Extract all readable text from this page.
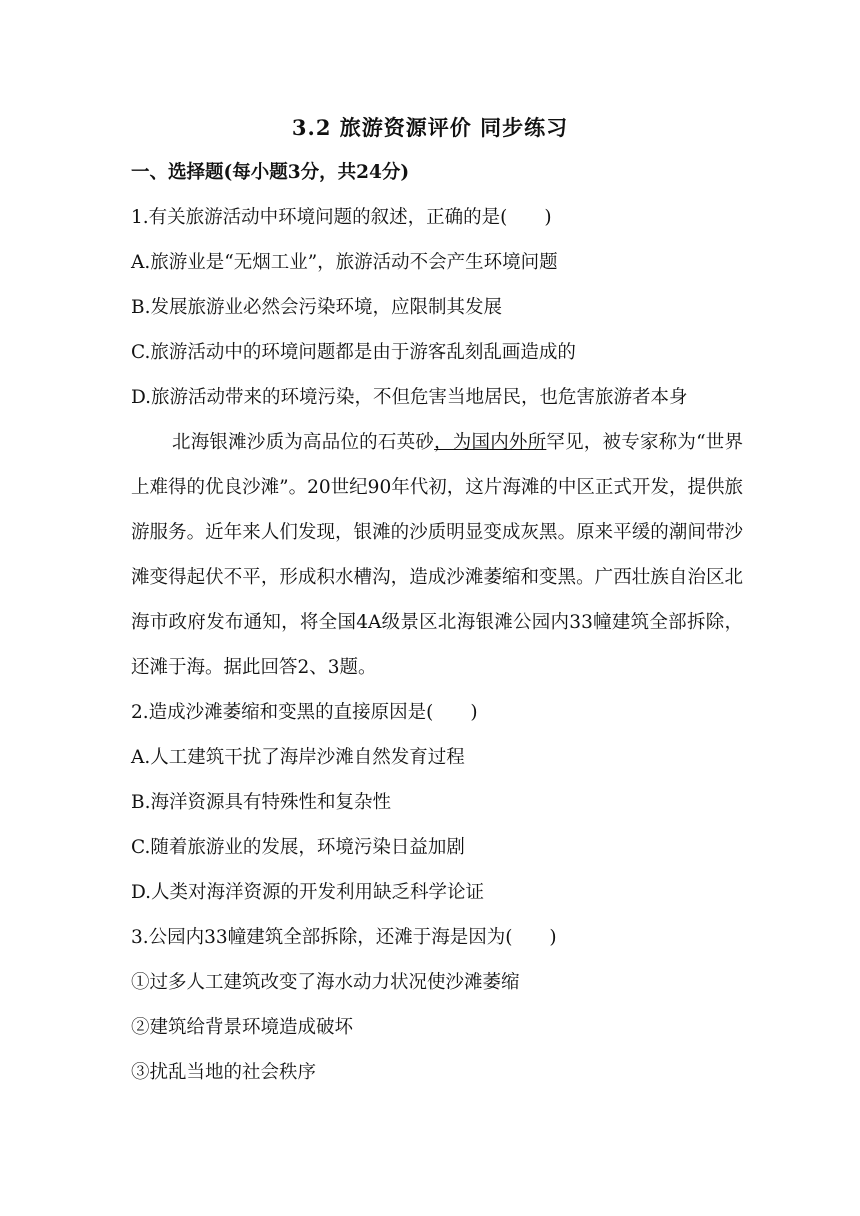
3.2 旅游资源评价 同步练习
一、选择题(每小题3分，共24分)
1.有关旅游活动中环境问题的叙述，正确的是(　　)
A.旅游业是“无烟工业”，旅游活动不会产生环境问题
B.发展旅游业必然会污染环境，应限制其发展
C.旅游活动中的环境问题都是由于游客乱刻乱画造成的
D.旅游活动带来的环境污染，不但危害当地居民，也危害旅游者本身
北海银滩沙质为高品位的石英砂，为国内外所罕见，被专家称为“世界上难得的优良沙滩”。20世纪90年代初，这片海滩的中区正式开发，提供旅游服务。近年来人们发现，银滩的沙质明显变成灰黑。原来平缓的潮间带沙滩变得起伏不平，形成积水槽沟，造成沙滩萎缩和变黑。广西壮族自治区北海市政府发布通知，将全国4A级景区北海银滩公园内33幢建筑全部拆除，还滩于海。据此回答2、3题。
2.造成沙滩萎缩和变黑的直接原因是(　　)
A.人工建筑干扰了海岸沙滩自然发育过程
B.海洋资源具有特殊性和复杂性
C.随着旅游业的发展，环境污染日益加剧
D.人类对海洋资源的开发利用缺乏科学论证
3.公园内33幢建筑全部拆除，还滩于海是因为(　　)
①过多人工建筑改变了海水动力状况使沙滩萎缩
②建筑给背景环境造成破坏
③扰乱当地的社会秩序
